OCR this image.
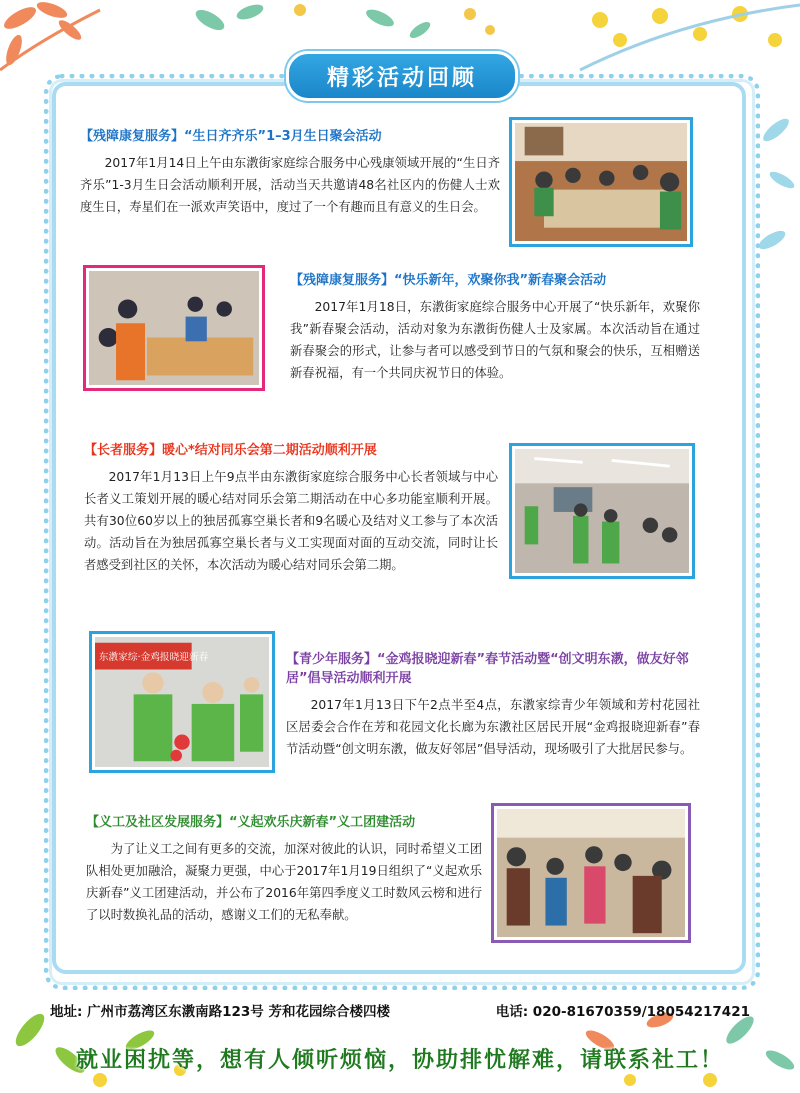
精彩活动回顾

【残障康复服务】“生日齐齐乐”1–3月生日聚会活动

2017年1月14日上午由东漖街家庭综合服务中心残康领域开展的“生日齐齐乐”1-3月生日会活动顺利开展，活动当天共邀请48名社区内的伤健人士欢度生日，寿星们在一派欢声笑语中，度过了一个有趣而且有意义的生日会。

【残障康复服务】“快乐新年，欢聚你我”新春聚会活动

2017年1月18日，东漖街家庭综合服务中心开展了“快乐新年，欢聚你我”新春聚会活动，活动对象为东漖街伤健人士及家属。本次活动旨在通过新春聚会的形式，让参与者可以感受到节日的气氛和聚会的快乐，互相赠送新春祝福，有一个共同庆祝节日的体验。

【长者服务】暖心*结对同乐会第二期活动顺利开展

2017年1月13日上午9点半由东漖街家庭综合服务中心长者领域与中心长者义工策划开展的暖心结对同乐会第二期活动在中心多功能室顺利开展。共有30位60岁以上的独居孤寡空巢长者和9名暖心及结对义工参与了本次活动。活动旨在为独居孤寡空巢长者与义工实现面对面的互动交流，同时让长者感受到社区的关怀，本次活动为暖心结对同乐会第二期。

东漖家综·金鸡报晓迎新春	【青少年服务】“金鸡报晓迎新春”春节活动暨“创文明东漖，做友好邻居”倡导活动顺利开展

2017年1月13日下午2点半至4点，东漖家综青少年领域和芳村花园社区居委会合作在芳和花园文化长廊为东漖社区居民开展“金鸡报晓迎新春”春节活动暨“创文明东漖，做友好邻居”倡导活动，现场吸引了大批居民参与。

【义工及社区发展服务】“义起欢乐庆新春”义工团建活动

为了让义工之间有更多的交流，加深对彼此的认识，同时希望义工团队相处更加融洽，凝聚力更强，中心于2017年1月19日组织了“义起欢乐庆新春”义工团建活动，并公布了2016年第四季度义工时数风云榜和进行了以时数换礼品的活动，感谢义工们的无私奉献。

地址: 广州市荔湾区东漖南路123号 芳和花园综合楼四楼	电话: 020-81670359/18054217421
就业困扰等，想有人倾听烦恼，协助排忧解难，请联系社工！
